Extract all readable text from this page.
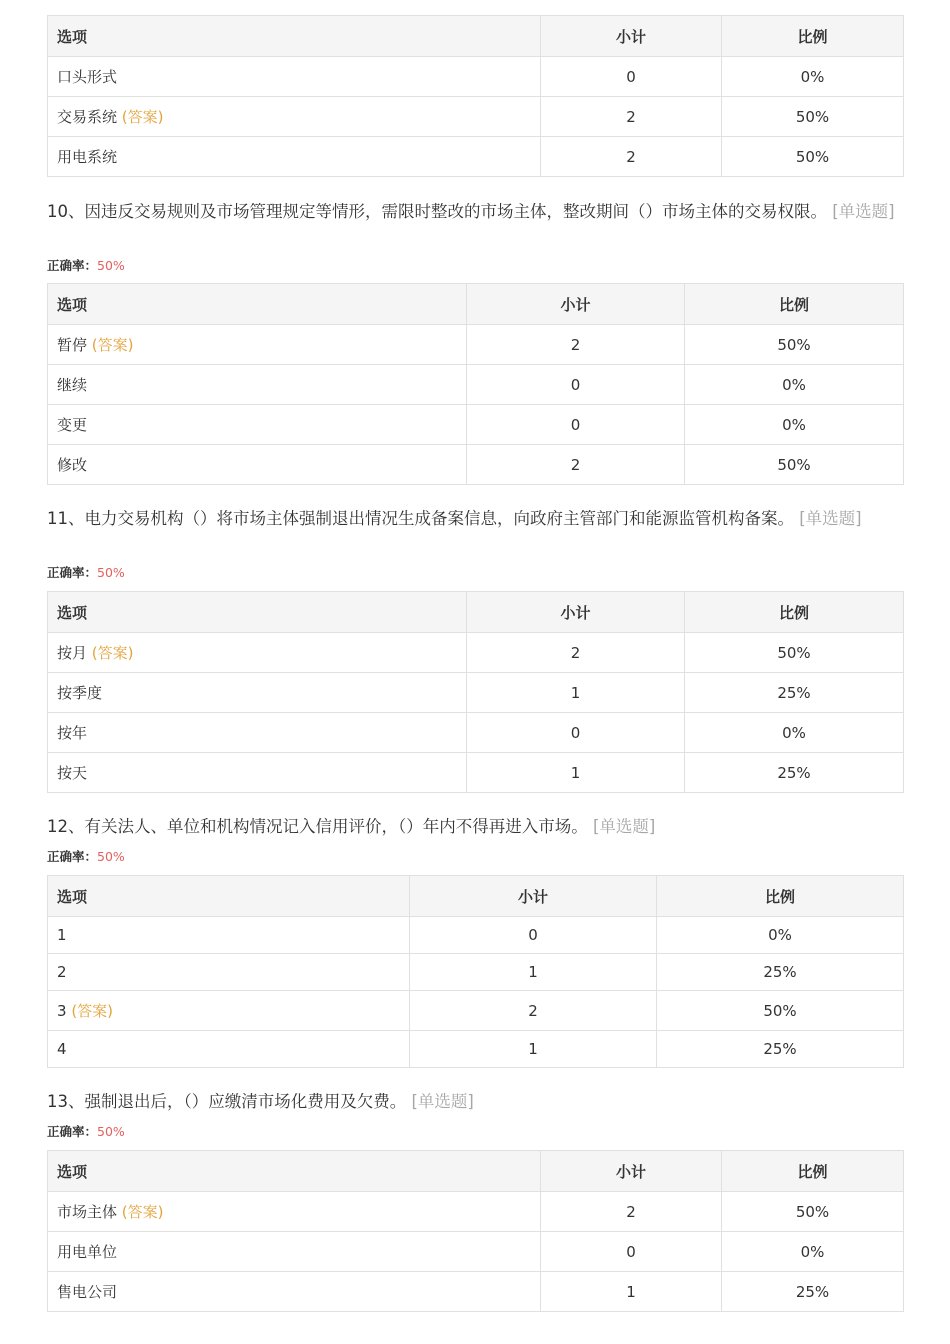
选项	小计	比例
口头形式	0	0%
交易系统 (答案)	2	50%
用电系统	2	50%
10、因违反交易规则及市场管理规定等情形，需限时整改的市场主体，整改期间（）市场主体的交易权限。 [单选题]
正确率：50%
选项	小计	比例
暂停 (答案)	2	50%
继续	0	0%
变更	0	0%
修改	2	50%
11、电力交易机构（）将市场主体强制退出情况生成备案信息，向政府主管部门和能源监管机构备案。 [单选题]
正确率：50%
选项	小计	比例
按月 (答案)	2	50%
按季度	1	25%
按年	0	0%
按天	1	25%
12、有关法人、单位和机构情况记入信用评价，（）年内不得再进入市场。 [单选题]
正确率：50%
选项	小计	比例
1	0	0%
2	1	25%
3 (答案)	2	50%
4	1	25%
13、强制退出后，（）应缴清市场化费用及欠费。 [单选题]
正确率：50%
选项	小计	比例
市场主体 (答案)	2	50%
用电单位	0	0%
售电公司	1	25%
